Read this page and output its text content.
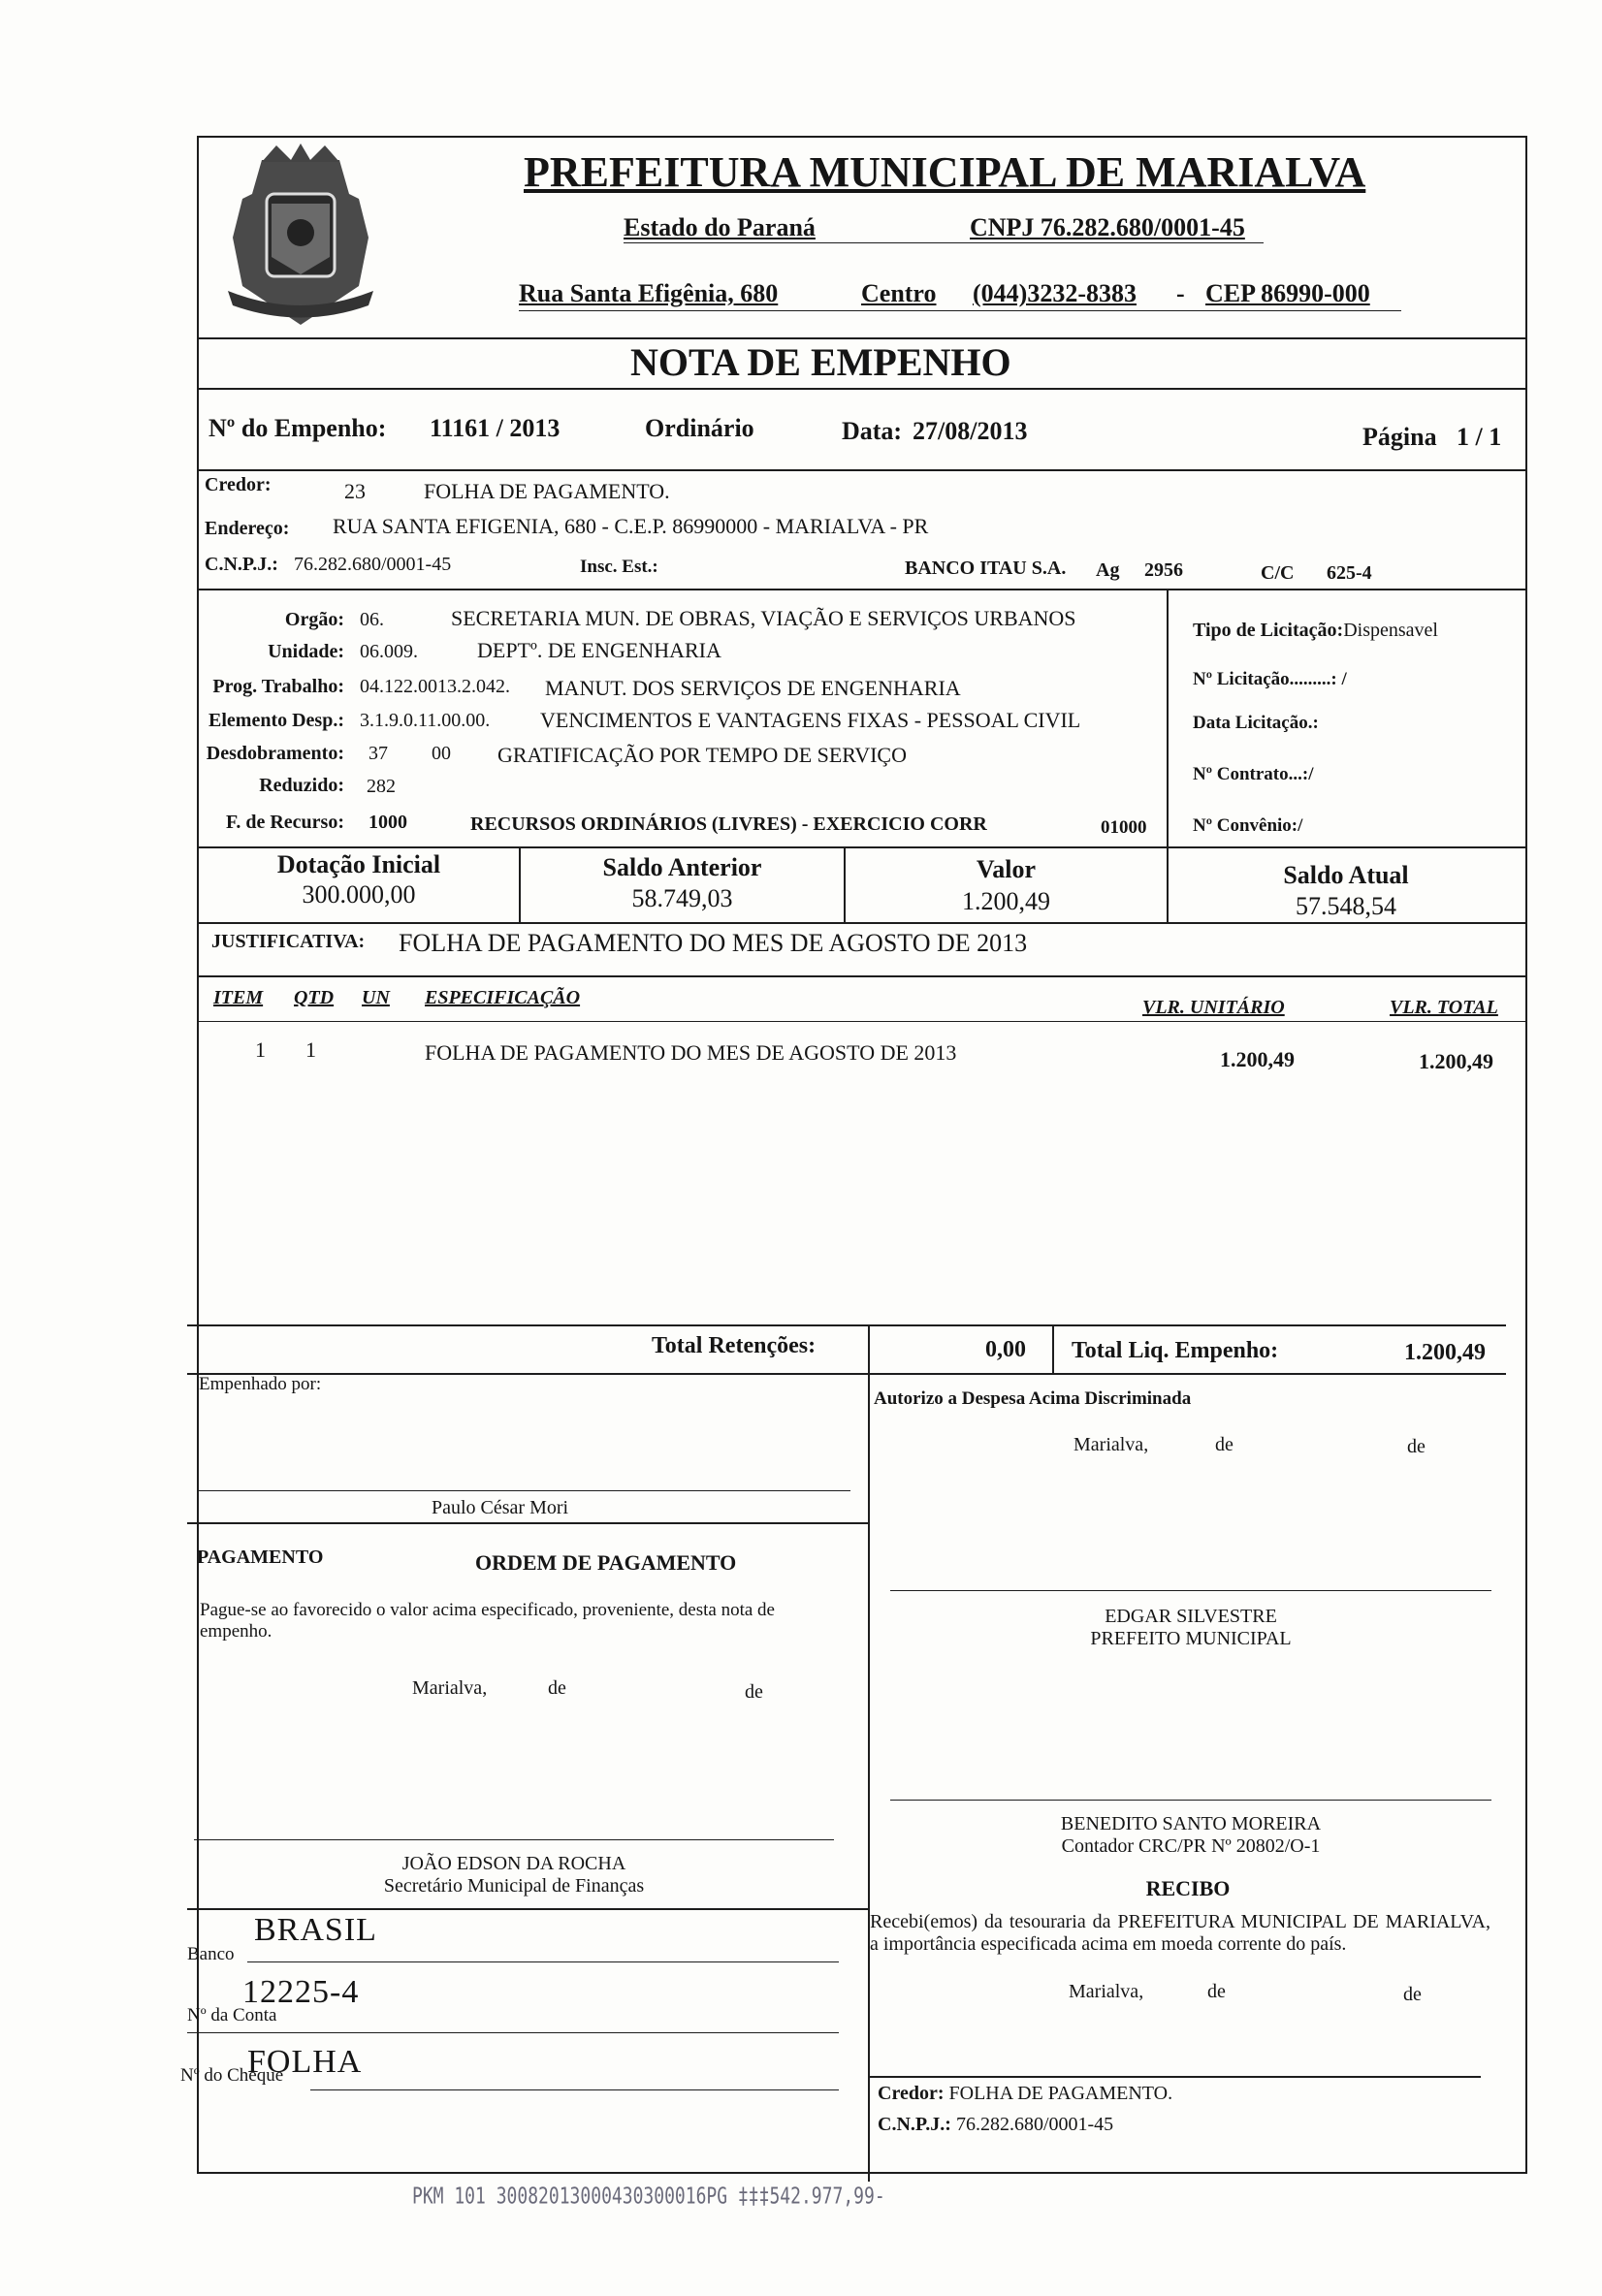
PREFEITURA MUNICIPAL DE MARIALVA
Estado do Paraná	CNPJ 76.282.680/0001-45
Rua Santa Efigênia, 680	Centro (044)3232-8383 - CEP 86990-000
NOTA DE EMPENHO
Nº do Empenho: 11161 / 2013	Ordinário	Data: 27/08/2013	Página 1 / 1
Credor:	23	FOLHA DE PAGAMENTO.
Endereço: RUA SANTA EFIGENIA, 680 - C.E.P. 86990000 - MARIALVA - PR
C.N.P.J.: 76.282.680/0001-45	Insc. Est.:	BANCO ITAU S.A. Ag 2956	C/C 625-4
Orgão: 06.	SECRETARIA MUN. DE OBRAS, VIAÇÃO E SERVIÇOS URBANOS
Unidade: 06.009.	DEPTº. DE ENGENHARIA
Prog. Trabalho: 04.122.0013.2.042. MANUT. DOS SERVIÇOS DE ENGENHARIA
Elemento Desp.: 3.1.9.0.11.00.00. VENCIMENTOS E VANTAGENS FIXAS - PESSOAL CIVIL
Desdobramento: 37 00 GRATIFICAÇÃO POR TEMPO DE SERVIÇO
Reduzido: 282
F. de Recurso: 1000	RECURSOS ORDINÁRIOS (LIVRES) - EXERCICIO CORR	01000
Tipo de Licitação:Dispensavel
Nº Licitação.........: /
Data Licitação.:
Nº Contrato...:/
Nº Convênio:/
Dotação Inicial
300.000,00
Saldo Anterior
58.749,03
Valor
1.200,49
Saldo Atual
57.548,54
JUSTIFICATIVA: FOLHA DE PAGAMENTO DO MES DE AGOSTO DE 2013
ITEM QTD UN ESPECIFICAÇÃO	VLR. UNITÁRIO	VLR. TOTAL
1 1	FOLHA DE PAGAMENTO DO MES DE AGOSTO DE 2013	1.200,49	1.200,49
Total Retenções:	0,00 Total Liq. Empenho:	1.200,49
Empenhado por:
Paulo César Mori
Autorizo a Despesa Acima Discriminada
Marialva,	de	de
EDGAR SILVESTRE
PREFEITO MUNICIPAL
PAGAMENTO	ORDEM DE PAGAMENTO
Pague-se ao favorecido o valor acima especificado, proveniente, desta nota de empenho.
Marialva,	de	de
BENEDITO SANTO MOREIRA
Contador CRC/PR Nº 20802/O-1
JOÃO EDSON DA ROCHA
Secretário Municipal de Finanças	RECIBO
Recebi(emos) da tesouraria da PREFEITURA MUNICIPAL DE MARIALVA, a importância especificada acima em moeda corrente do país.
Marialva,	de	de
Credor: FOLHA DE PAGAMENTO.
C.N.P.J.: 76.282.680/0001-45
BRASIL
Banco
12225-4
Nº da Conta
FOLHA
Nº do Cheque
PKM 101 30082013000430300016PG ‡‡‡542.977,99-
